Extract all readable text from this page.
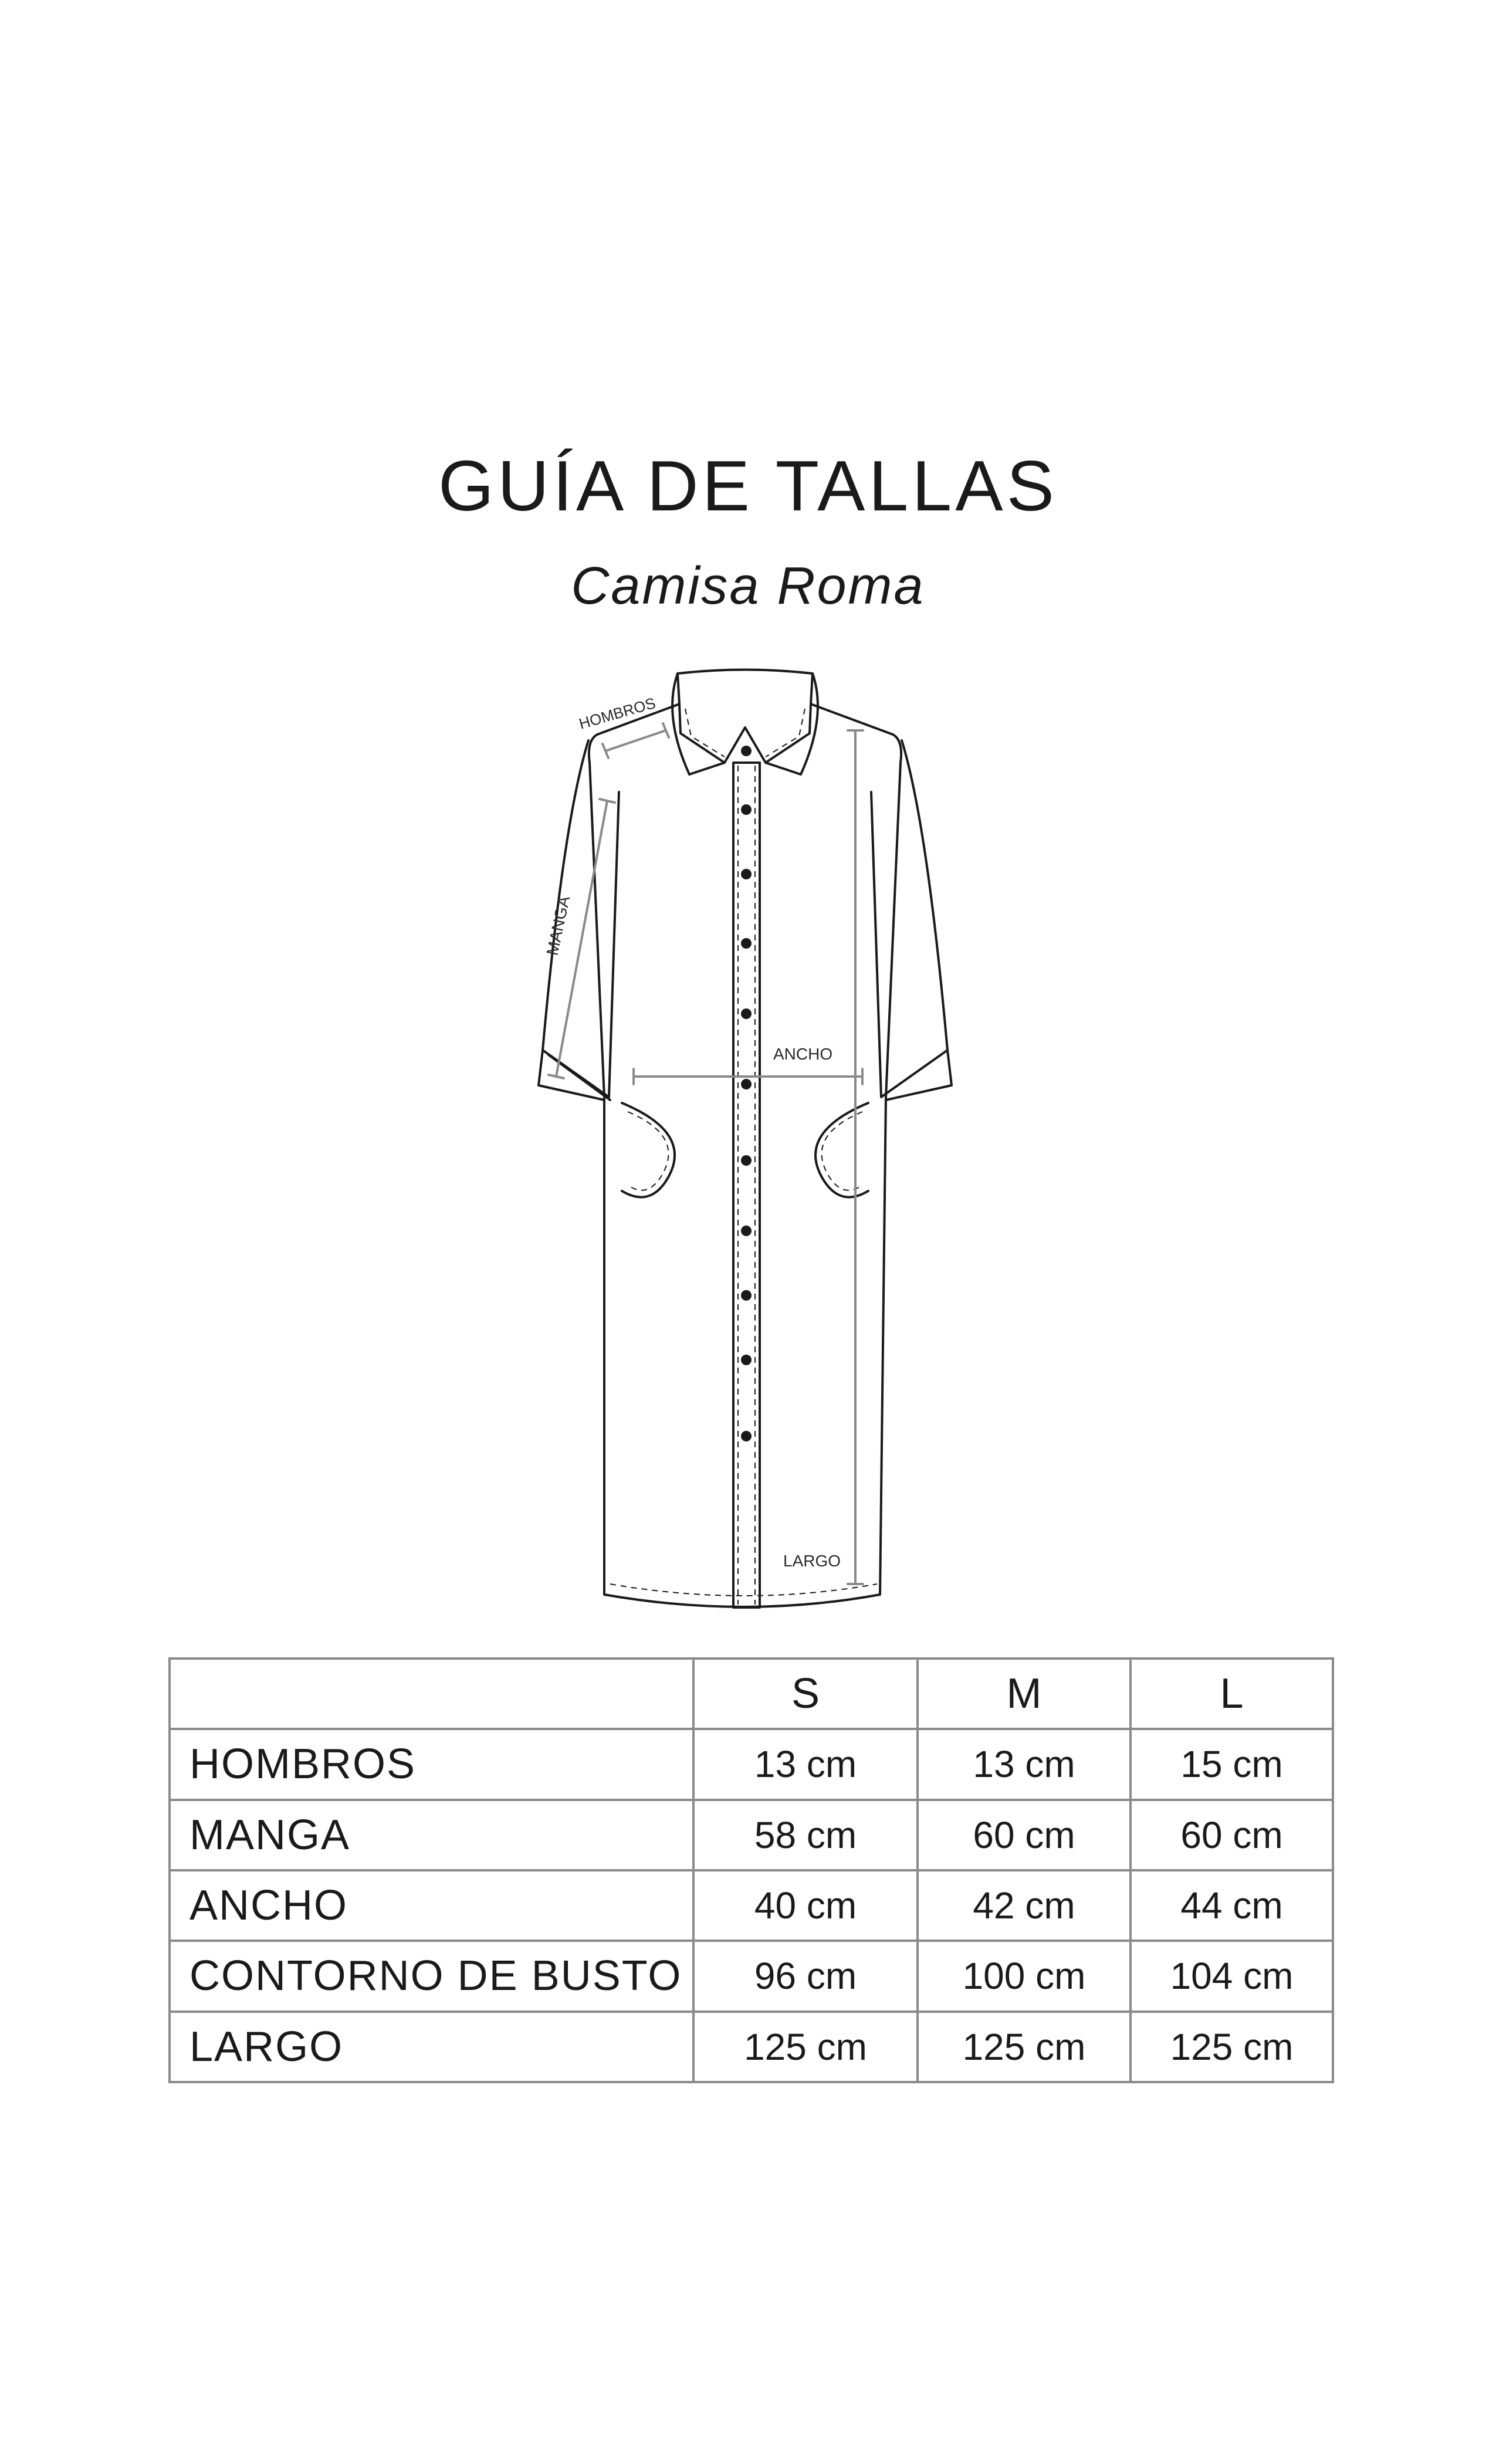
GUÍA DE TALLAS
Camisa Roma
HOMBROS
MANGA
ANCHO
LARGO
	S	M	L
HOMBROS	13 cm	13 cm	15 cm
MANGA	58 cm	60 cm	60 cm
ANCHO	40 cm	42 cm	44 cm
CONTORNO DE BUSTO	96 cm	100 cm	104 cm
LARGO	125 cm	125 cm	125 cm
